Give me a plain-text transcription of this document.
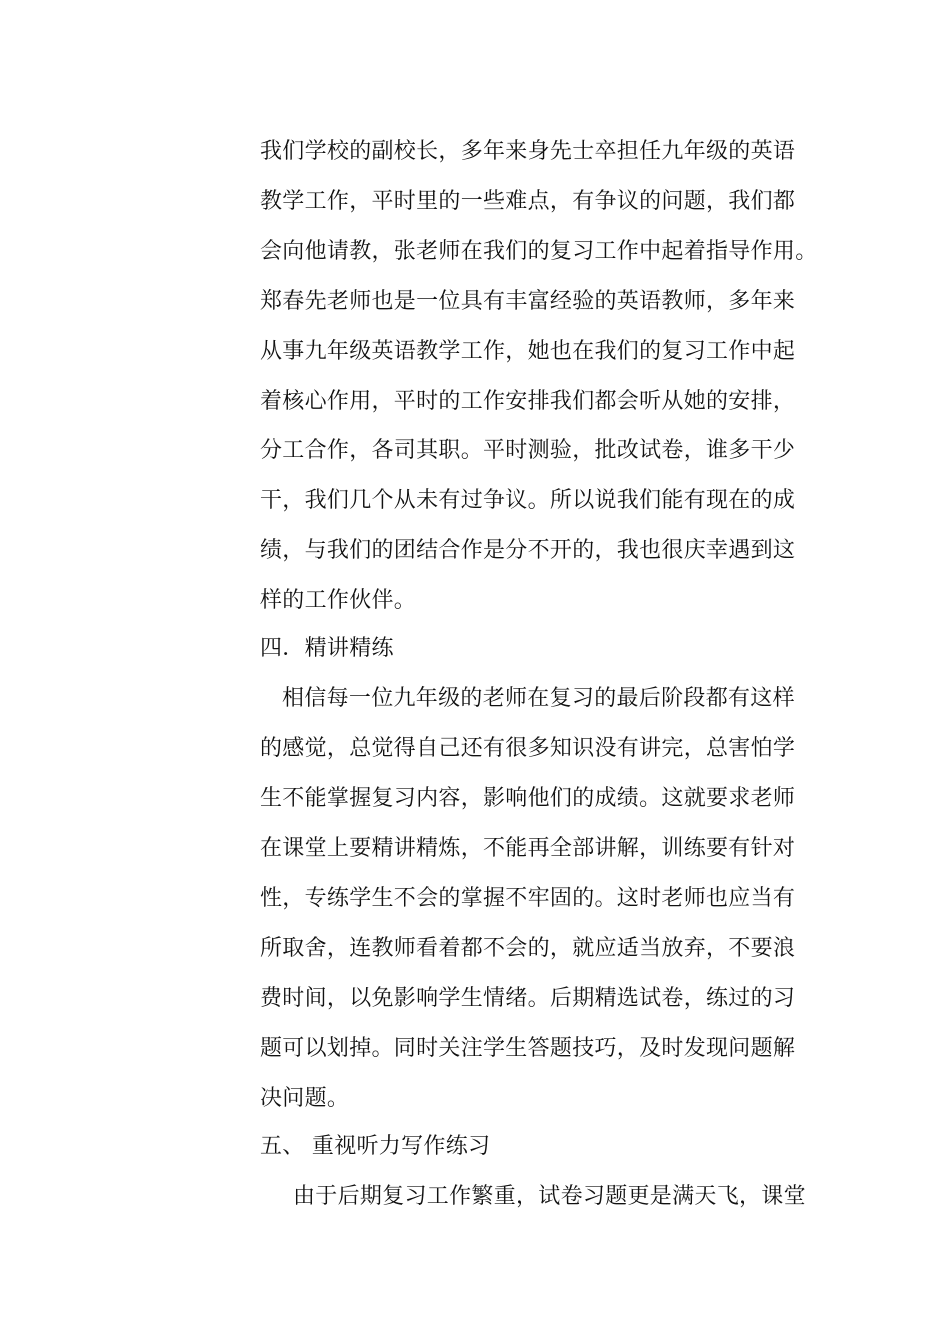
我们学校的副校长，多年来身先士卒担任九年级的英语
教学工作，平时里的一些难点，有争议的问题，我们都
会向他请教，张老师在我们的复习工作中起着指导作用。
郑春先老师也是一位具有丰富经验的英语教师，多年来
从事九年级英语教学工作，她也在我们的复习工作中起
着核心作用，平时的工作安排我们都会听从她的安排，
分工合作，各司其职。平时测验，批改试卷，谁多干少
干，我们几个从未有过争议。所以说我们能有现在的成
绩，与我们的团结合作是分不开的，我也很庆幸遇到这
样的工作伙伴。
四．精讲精练
相信每一位九年级的老师在复习的最后阶段都有这样
的感觉，总觉得自己还有很多知识没有讲完，总害怕学
生不能掌握复习内容，影响他们的成绩。这就要求老师
在课堂上要精讲精炼，不能再全部讲解，训练要有针对
性，专练学生不会的掌握不牢固的。这时老师也应当有
所取舍，连教师看着都不会的，就应适当放弃，不要浪
费时间，以免影响学生情绪。后期精选试卷，练过的习
题可以划掉。同时关注学生答题技巧，及时发现问题解
决问题。
五、 重视听力写作练习
由于后期复习工作繁重，试卷习题更是满天飞，课堂
